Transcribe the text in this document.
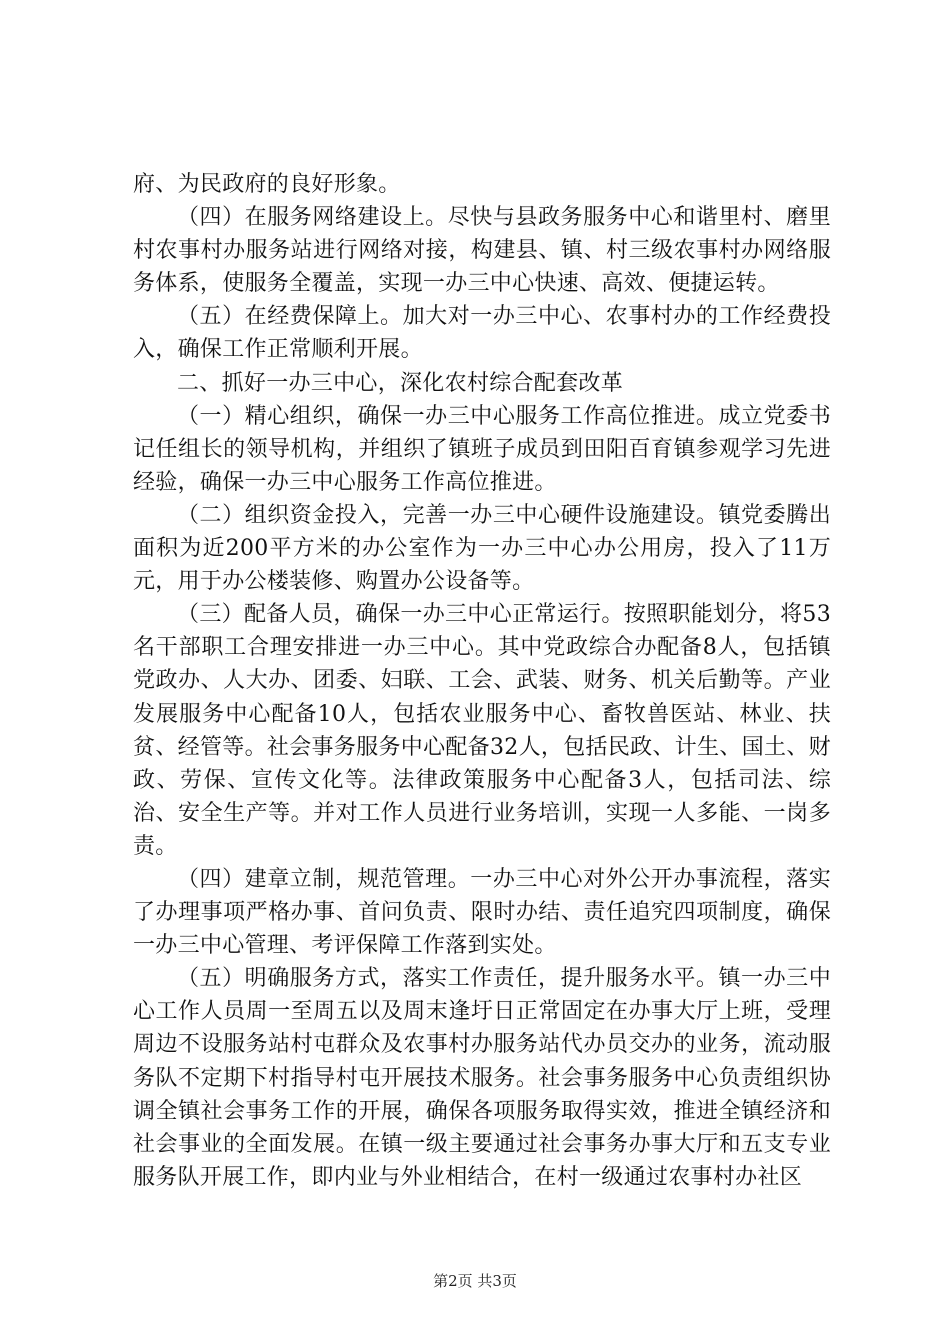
府、为民政府的良好形象。

（四）在服务网络建设上。尽快与县政务服务中心和谐里村、磨里村农事村办服务站进行网络对接，构建县、镇、村三级农事村办网络服务体系，使服务全覆盖，实现一办三中心快速、高效、便捷运转。

（五）在经费保障上。加大对一办三中心、农事村办的工作经费投入，确保工作正常顺利开展。

二、抓好一办三中心，深化农村综合配套改革

（一）精心组织，确保一办三中心服务工作高位推进。成立党委书记任组长的领导机构，并组织了镇班子成员到田阳百育镇参观学习先进经验，确保一办三中心服务工作高位推进。

（二）组织资金投入，完善一办三中心硬件设施建设。镇党委腾出面积为近200平方米的办公室作为一办三中心办公用房，投入了11万元，用于办公楼装修、购置办公设备等。

（三）配备人员，确保一办三中心正常运行。按照职能划分，将53名干部职工合理安排进一办三中心。其中党政综合办配备8人，包括镇党政办、人大办、团委、妇联、工会、武装、财务、机关后勤等。产业发展服务中心配备10人，包括农业服务中心、畜牧兽医站、林业、扶贫、经管等。社会事务服务中心配备32人，包括民政、计生、国土、财政、劳保、宣传文化等。法律政策服务中心配备3人，包括司法、综治、安全生产等。并对工作人员进行业务培训，实现一人多能、一岗多责。

（四）建章立制，规范管理。一办三中心对外公开办事流程，落实了办理事项严格办事、首问负责、限时办结、责任追究四项制度，确保一办三中心管理、考评保障工作落到实处。

（五）明确服务方式，落实工作责任，提升服务水平。镇一办三中心工作人员周一至周五以及周末逢圩日正常固定在办事大厅上班，受理周边不设服务站村屯群众及农事村办服务站代办员交办的业务，流动服务队不定期下村指导村屯开展技术服务。社会事务服务中心负责组织协调全镇社会事务工作的开展，确保各项服务取得实效，推进全镇经济和社会事业的全面发展。在镇一级主要通过社会事务办事大厅和五支专业服务队开展工作，即内业与外业相结合，在村一级通过农事村办社区

第2页 共3页
